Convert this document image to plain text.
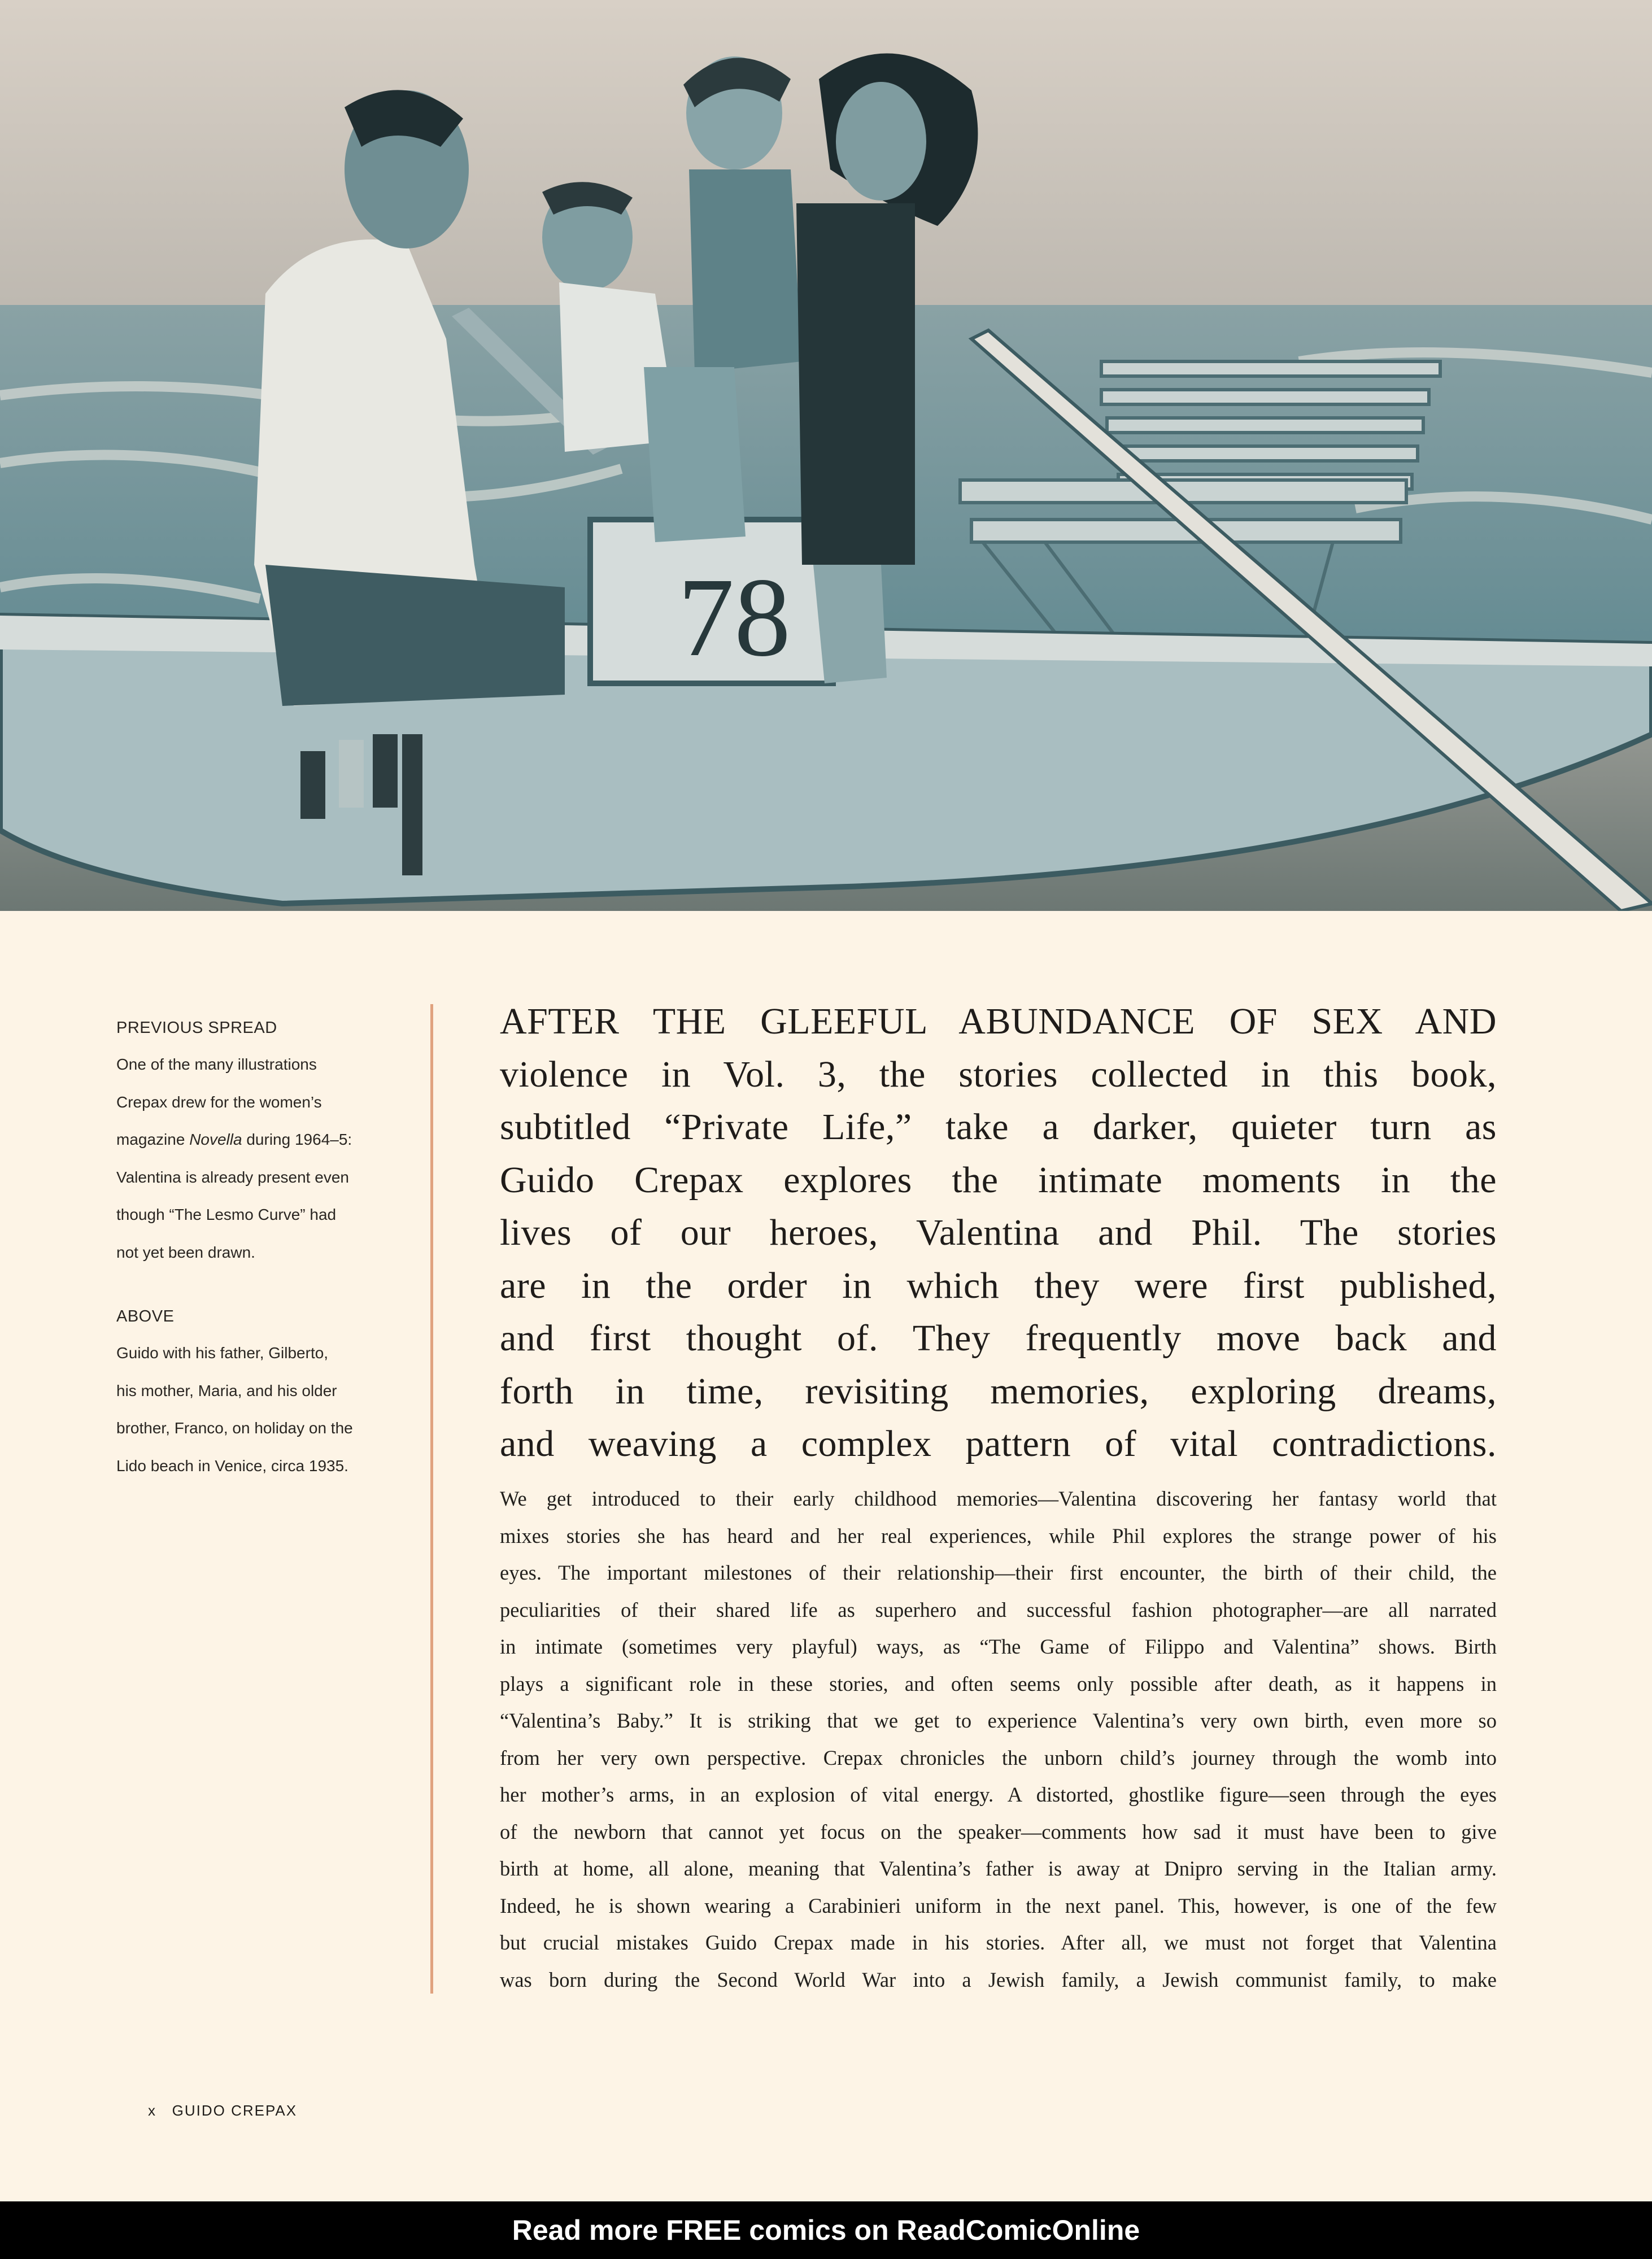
78

PREVIOUS SPREAD

One of the many illustrations
Crepax drew for the women’s
magazine Novella during 1964–5:
Valentina is already present even
though “The Lesmo Curve” had
not yet been drawn.

ABOVE

Guido with his father, Gilberto,
his mother, Maria, and his older
brother, Franco, on holiday on the
Lido beach in Venice, circa 1935.

AFTER THE GLEEFUL ABUNDANCE OF SEX AND
violence in Vol. 3, the stories collected in this book,
subtitled “Private Life,” take a darker, quieter turn as
Guido Crepax explores the intimate moments in the
lives of our heroes, Valentina and Phil. The stories
are in the order in which they were first published,
and first thought of. They frequently move back and
forth in time, revisiting memories, exploring dreams,
and weaving a complex pattern of vital contradictions.
We get introduced to their early childhood memories—Valentina discovering her fantasy world that
mixes stories she has heard and her real experiences, while Phil explores the strange power of his
eyes. The important milestones of their relationship—their first encounter, the birth of their child, the
peculiarities of their shared life as superhero and successful fashion photographer—are all narrated
in intimate (sometimes very playful) ways, as “The Game of Filippo and Valentina” shows. Birth
plays a significant role in these stories, and often seems only possible after death, as it happens in
“Valentina’s Baby.” It is striking that we get to experience Valentina’s very own birth, even more so
from her very own perspective. Crepax chronicles the unborn child’s journey through the womb into
her mother’s arms, in an explosion of vital energy. A distorted, ghostlike figure—seen through the eyes
of the newborn that cannot yet focus on the speaker—comments how sad it must have been to give
birth at home, all alone, meaning that Valentina’s father is away at Dnipro serving in the Italian army.
Indeed, he is shown wearing a Carabinieri uniform in the next panel. This, however, is one of the few
but crucial mistakes Guido Crepax made in his stories. After all, we must not forget that Valentina
was born during the Second World War into a Jewish family, a Jewish communist family, to make
x GUIDO CREPAX
Read more FREE comics on ReadComicOnline
